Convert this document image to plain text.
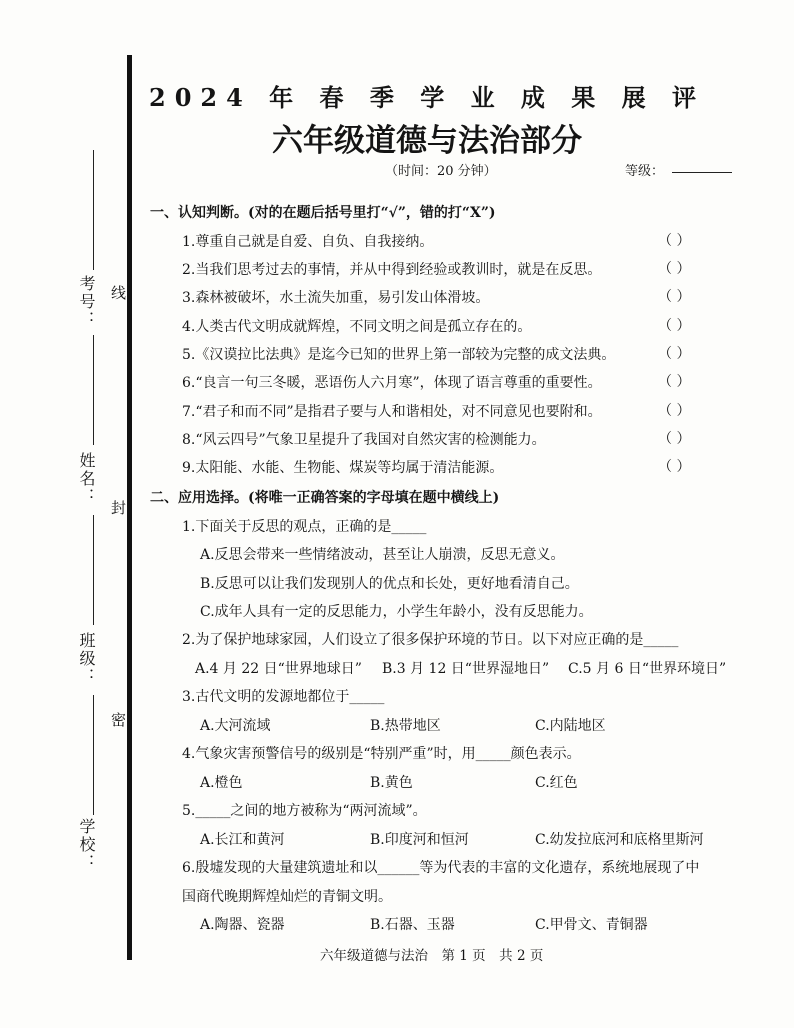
考号：
姓名：
班级：
学校：
线
封
密
2024 年 春 季 学 业 成 果 展 评
六年级道德与法治部分
（时间：20 分钟）	等级：
一、认知判断。(对的在题后括号里打“√”，错的打“X”)
1.尊重自己就是自爱、自负、自我接纳。	（ ）
2.当我们思考过去的事情，并从中得到经验或教训时，就是在反思。	（ ）
3.森林被破坏，水土流失加重，易引发山体滑坡。	（ ）
4.人类古代文明成就辉煌，不同文明之间是孤立存在的。	（ ）
5.《汉谟拉比法典》是迄今已知的世界上第一部较为完整的成文法典。	（ ）
6.“良言一句三冬暖，恶语伤人六月寒”，体现了语言尊重的重要性。	（ ）
7.“君子和而不同”是指君子要与人和谐相处，对不同意见也要附和。	（ ）
8.“风云四号”气象卫星提升了我国对自然灾害的检测能力。	（ ）
9.太阳能、水能、生物能、煤炭等均属于清洁能源。	（ ）
二、应用选择。(将唯一正确答案的字母填在题中横线上)
1.下面关于反思的观点，正确的是_____
A.反思会带来一些情绪波动，甚至让人崩溃，反思无意义。
B.反思可以让我们发现别人的优点和长处，更好地看清自己。
C.成年人具有一定的反思能力，小学生年龄小，没有反思能力。
2.为了保护地球家园，人们设立了很多保护环境的节日。以下对应正确的是_____
A.4 月 22 日“世界地球日” B.3 月 12 日“世界湿地日” C.5 月 6 日“世界环境日”
3.古代文明的发源地都位于_____
A.大河流域	B.热带地区	C.内陆地区
4.气象灾害预警信号的级别是“特别严重”时，用_____颜色表示。
A.橙色	B.黄色	C.红色
5._____之间的地方被称为“两河流域”。
A.长江和黄河	B.印度河和恒河	C.幼发拉底河和底格里斯河
6.殷墟发现的大量建筑遗址和以______等为代表的丰富的文化遗存，系统地展现了中
国商代晚期辉煌灿烂的青铜文明。
A.陶器、瓷器	B.石器、玉器	C.甲骨文、青铜器
六年级道德与法治　第 1 页　共 2 页
